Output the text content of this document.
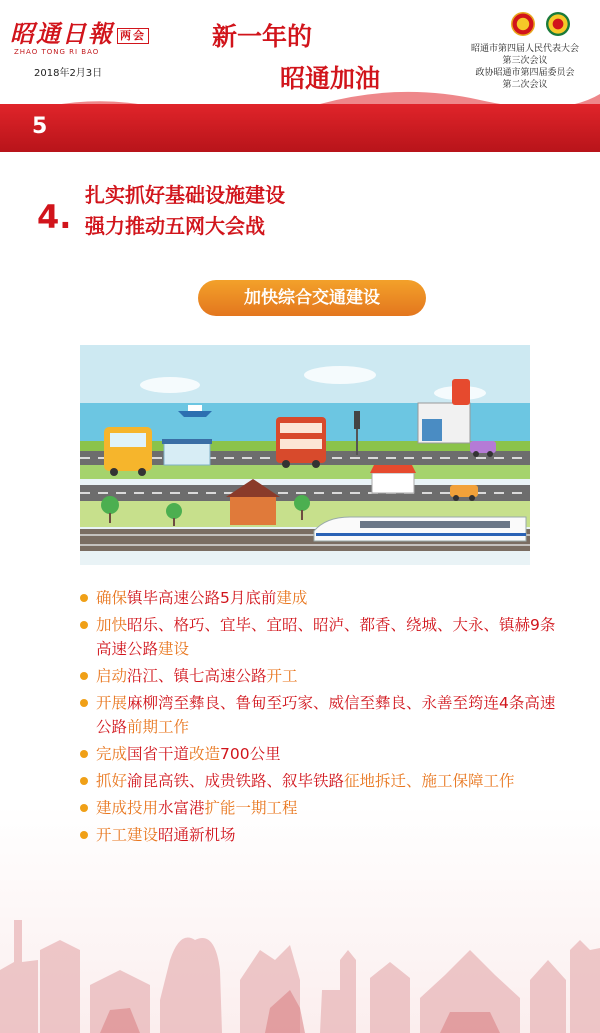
昭通日報 两会
ZHAO TONG RI BAO
2018年2月3日
新一年的
昭通加油

昭通市第四届人民代表大会
第三次会议
政协昭通市第四届委员会
第二次会议
5
4.
扎实抓好基础设施建设
强力推动五网大会战
加快综合交通建设
确保镇毕高速公路5月底前建成
加快昭乐、格巧、宜毕、宜昭、昭泸、都香、绕城、大永、镇赫9条高速公路建设
启动沿江、镇七高速公路开工
开展麻柳湾至彝良、鲁甸至巧家、威信至彝良、永善至筠连4条高速公路前期工作
完成国省干道改造700公里
抓好渝昆高铁、成贵铁路、叙毕铁路征地拆迁、施工保障工作
建成投用水富港扩能一期工程
开工建设昭通新机场
